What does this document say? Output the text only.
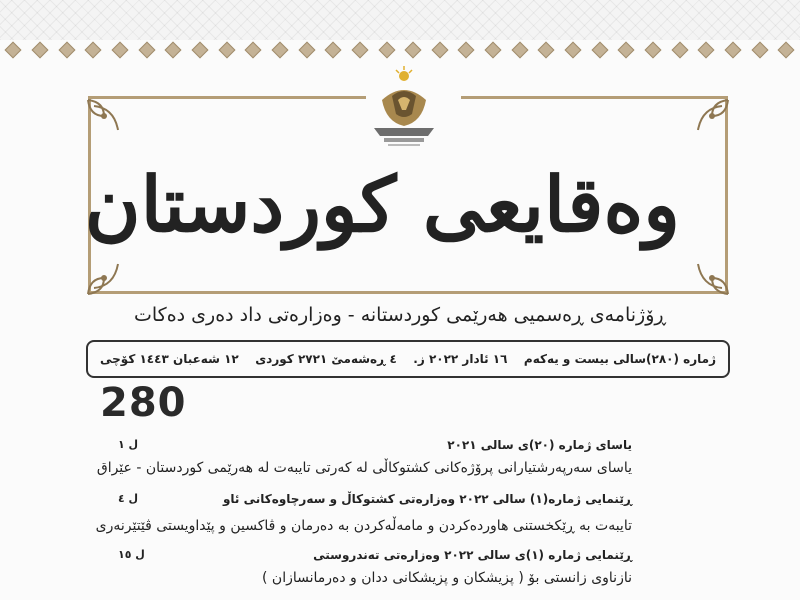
وەقایعی كوردستان
ڕۆژنامەی ڕەسمیی هەرێمی كوردستانە - وەزارەتی داد دەری دەكات
ژمارە (٢٨٠)سالی بیست و یەكەم
١٦ ئادار ٢٠٢٢ ز.
٤ ڕەشەمێ ٢٧٢١ كوردی
١٢ شەعبان ١٤٤٣ كۆچی
280
یاسای ژمارە (٢٠)ی سالی ٢٠٢١
ل ١
یاسای سەرپەرشتیارانی پرۆژەكانی كشتوكاڵی لە كەرتی تایبەت لە هەرێمی كوردستان - عێراق
ڕێنمایی ژمارە(١) سالی ٢٠٢٢ وەزارەتی كشتوكاڵ و سەرچاوەكانی ئاو
ل ٤
تایبەت بە ڕێكخستنی هاوردەكردن و مامەڵەكردن بە دەرمان و ڤاكسین و پێداویستی ڤێتێرنەری
ڕێنمایی ژمارە (١)ی سالی ٢٠٢٢ وەزارەتی تەندروستی
ل ١٥
نازناوی زانستی بۆ ( پزیشكان و پزیشكانی ددان و دەرمانسازان )
